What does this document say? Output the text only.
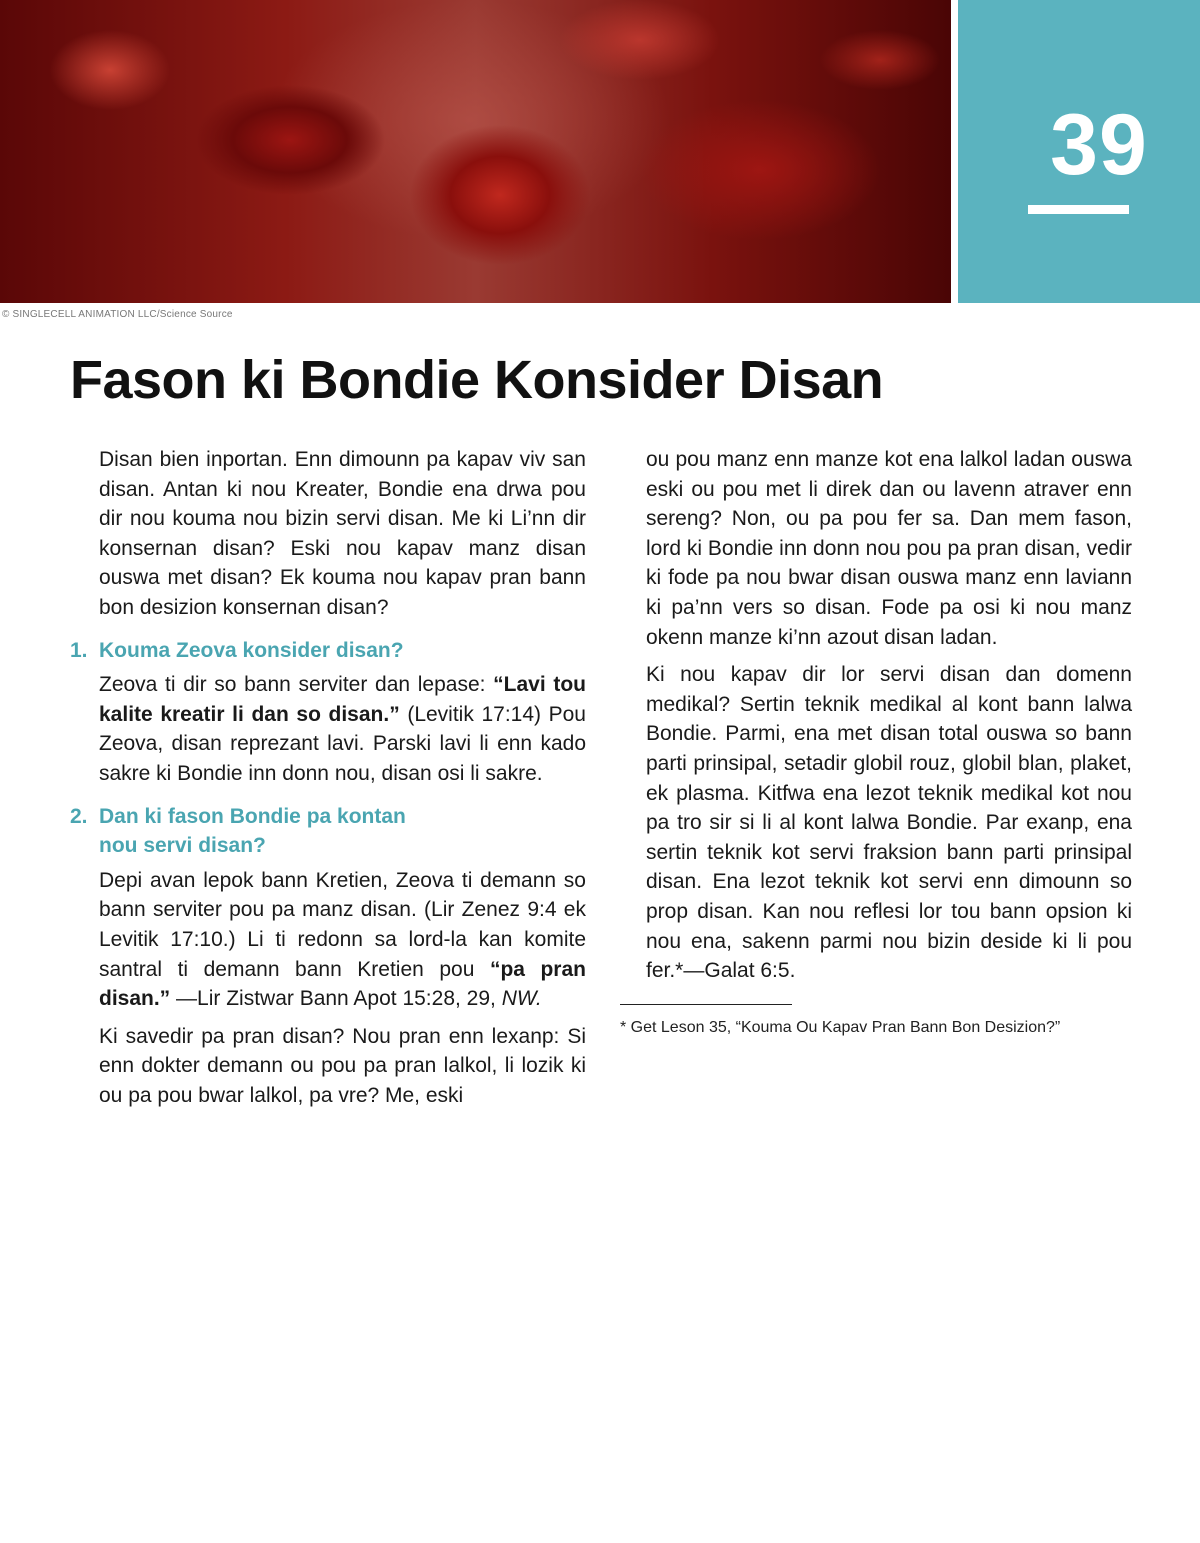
39
© SINGLECELL ANIMATION LLC/Science Source
Fason ki Bondie Konsider Disan

Disan bien inportan. Enn dimounn pa kapav viv san disan. Antan ki nou Kreater, Bondie ena drwa pou dir nou kouma nou bizin servi disan. Me ki Li’nn dir konsernan disan? Eski nou kapav manz disan ouswa met disan? Ek kouma nou kapav pran bann bon desizion konsernan disan?

1. Kouma Zeova konsider disan?

Zeova ti dir so bann serviter dan lepase: “Lavi tou kalite kreatir li dan so disan.” (Levitik 17:14) Pou Zeova, disan reprezant lavi. Parski lavi li enn kado sakre ki Bondie inn donn nou, disan osi li sakre.

2. Dan ki fason Bondie pa kontan nou servi disan?

Depi avan lepok bann Kretien, Zeova ti demann so bann serviter pou pa manz disan. (Lir Zenez 9:4 ek Levitik 17:10.) Li ti redonn sa lord-la kan komite santral ti demann bann Kretien pou “pa pran disan.” —Lir Zistwar Bann Apot 15:28, 29, NW.

Ki savedir pa pran disan? Nou pran enn lexanp: Si enn dokter demann ou pou pa pran lalkol, li lozik ki ou pa pou bwar lalkol, pa vre? Me, eski

ou pou manz enn manze kot ena lalkol ladan ouswa eski ou pou met li direk dan ou lavenn atraver enn sereng? Non, ou pa pou fer sa. Dan mem fason, lord ki Bondie inn donn nou pou pa pran disan, vedir ki fode pa nou bwar disan ouswa manz enn laviann ki pa’nn vers so disan. Fode pa osi ki nou manz okenn manze ki’nn azout disan ladan.

Ki nou kapav dir lor servi disan dan domenn medikal? Sertin teknik medikal al kont bann lalwa Bondie. Parmi, ena met disan total ouswa so bann parti prinsipal, setadir globil rouz, globil blan, plaket, ek plasma. Kitfwa ena lezot teknik medikal kot nou pa tro sir si li al kont lalwa Bondie. Par exanp, ena sertin teknik kot servi fraksion bann parti prinsipal disan. Ena lezot teknik kot servi enn dimounn so prop disan. Kan nou reflesi lor tou bann opsion ki nou ena, sakenn parmi nou bizin deside ki li pou fer.*—Galat 6:5.

* Get Leson 35, “Kouma Ou Kapav Pran Bann Bon Desizion?”
